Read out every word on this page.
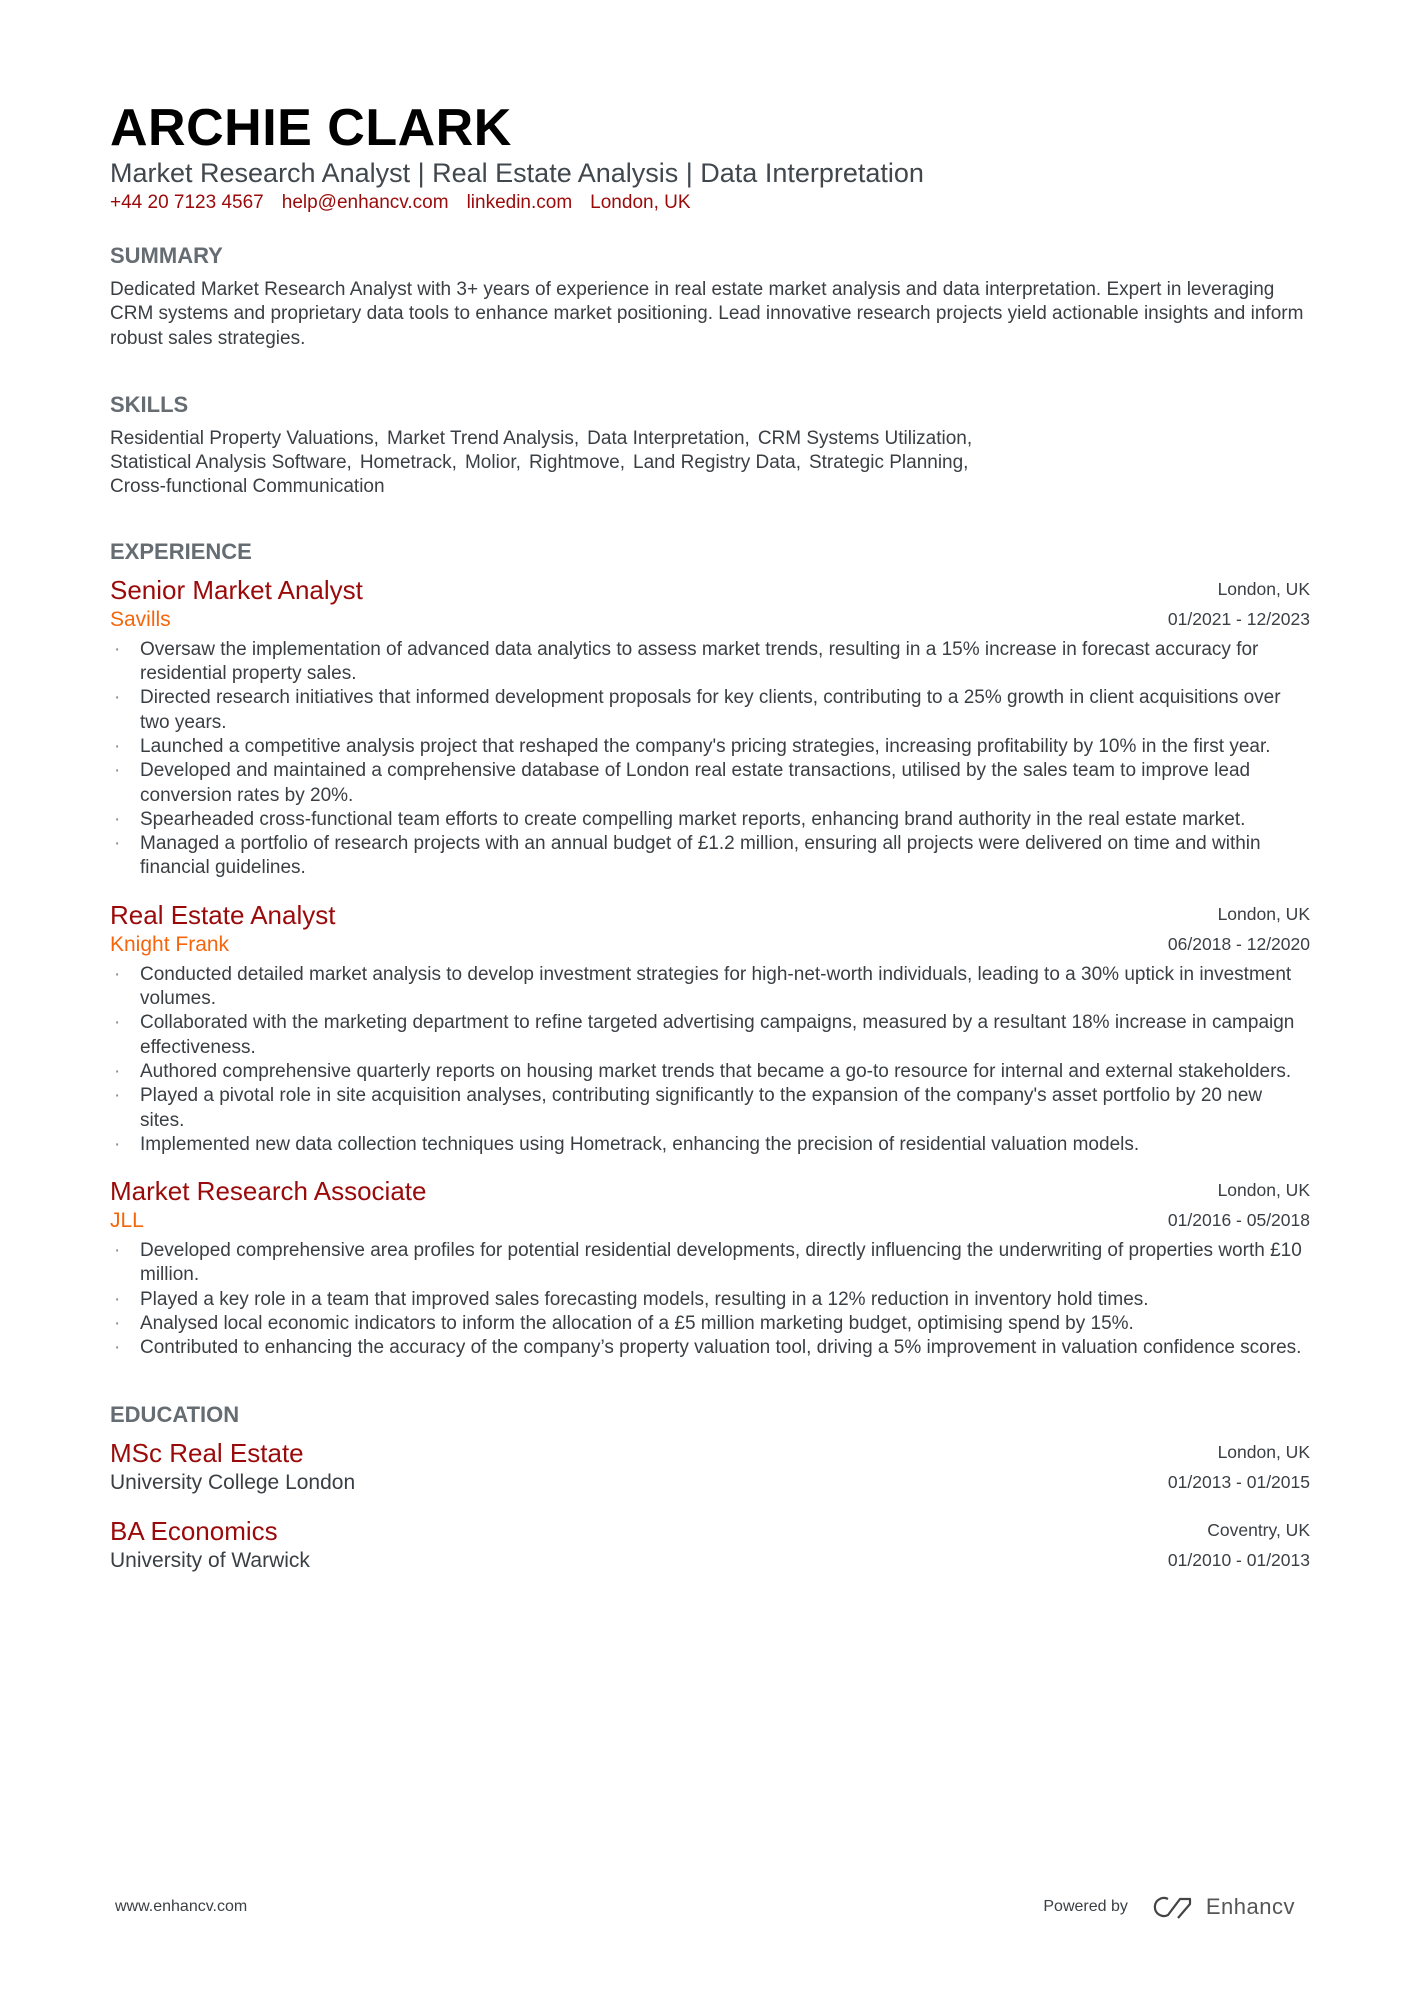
ARCHIE CLARK
Market Research Analyst | Real Estate Analysis | Data Interpretation
+44 20 7123 4567 help@enhancv.com linkedin.com London, UK
SUMMARY
Dedicated Market Research Analyst with 3+ years of experience in real estate market analysis and data interpretation. Expert in leveraging CRM systems and proprietary data tools to enhance market positioning. Lead innovative research projects yield actionable insights and inform robust sales strategies.
SKILLS
Residential Property Valuations, Market Trend Analysis, Data Interpretation, CRM Systems Utilization,
Statistical Analysis Software, Hometrack, Molior, Rightmove, Land Registry Data, Strategic Planning,
Cross-functional Communication
EXPERIENCE
Senior Market Analyst
Savills
London, UK
01/2021 - 12/2023
· Oversaw the implementation of advanced data analytics to assess market trends, resulting in a 15% increase in forecast accuracy for residential property sales.
· Directed research initiatives that informed development proposals for key clients, contributing to a 25% growth in client acquisitions over two years.
· Launched a competitive analysis project that reshaped the company's pricing strategies, increasing profitability by 10% in the first year.
· Developed and maintained a comprehensive database of London real estate transactions, utilised by the sales team to improve lead conversion rates by 20%.
· Spearheaded cross-functional team efforts to create compelling market reports, enhancing brand authority in the real estate market.
· Managed a portfolio of research projects with an annual budget of £1.2 million, ensuring all projects were delivered on time and within financial guidelines.
Real Estate Analyst
Knight Frank
London, UK
06/2018 - 12/2020
· Conducted detailed market analysis to develop investment strategies for high-net-worth individuals, leading to a 30% uptick in investment volumes.
· Collaborated with the marketing department to refine targeted advertising campaigns, measured by a resultant 18% increase in campaign effectiveness.
· Authored comprehensive quarterly reports on housing market trends that became a go-to resource for internal and external stakeholders.
· Played a pivotal role in site acquisition analyses, contributing significantly to the expansion of the company's asset portfolio by 20 new sites.
· Implemented new data collection techniques using Hometrack, enhancing the precision of residential valuation models.
Market Research Associate
JLL
London, UK
01/2016 - 05/2018
· Developed comprehensive area profiles for potential residential developments, directly influencing the underwriting of properties worth £10 million.
· Played a key role in a team that improved sales forecasting models, resulting in a 12% reduction in inventory hold times.
· Analysed local economic indicators to inform the allocation of a £5 million marketing budget, optimising spend by 15%.
· Contributed to enhancing the accuracy of the company’s property valuation tool, driving a 5% improvement in valuation confidence scores.
EDUCATION
MSc Real Estate
University College London
London, UK
01/2013 - 01/2015
BA Economics
University of Warwick
Coventry, UK
01/2010 - 01/2013
www.enhancv.com	Powered by	Enhancv
